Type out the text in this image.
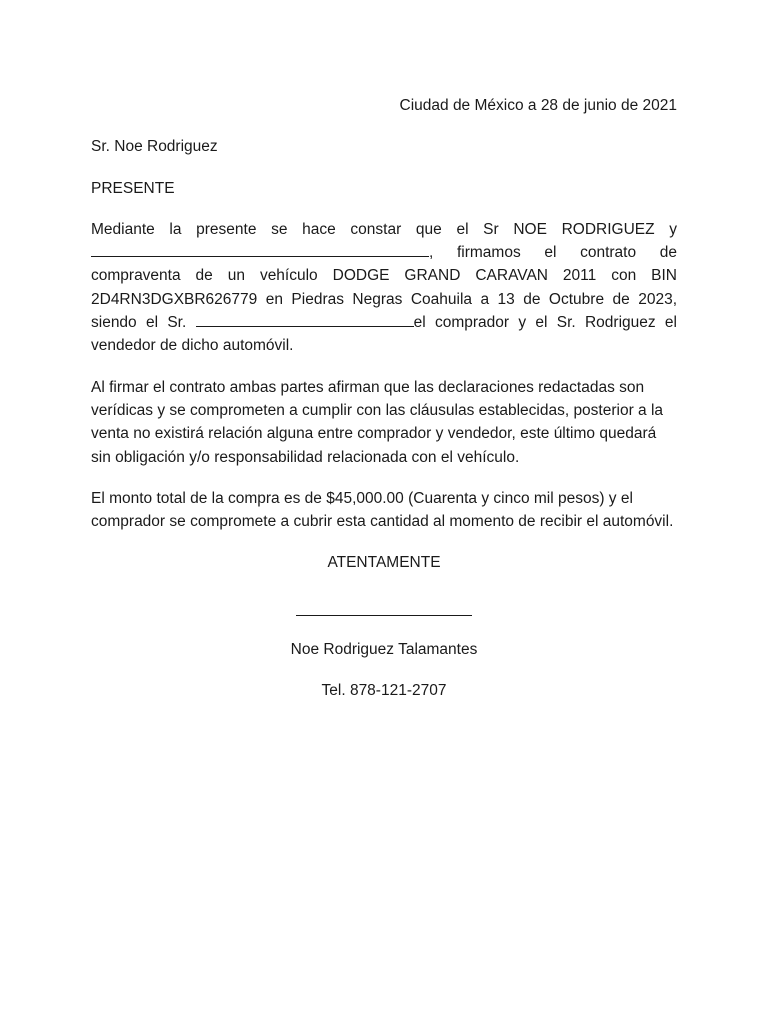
Ciudad de México a 28 de junio de 2021

Sr. Noe Rodriguez

PRESENTE

Mediante la presente se hace constar que el Sr NOE RODRIGUEZ y , firmamos el contrato de compraventa de un vehículo DODGE GRAND CARAVAN 2011 con BIN 2D4RN3DGXBR626779 en Piedras Negras Coahuila a 13 de Octubre de 2023, siendo el Sr.	el comprador y el Sr. Rodriguez el vendedor de dicho automóvil.

Al firmar el contrato ambas partes afirman que las declaraciones redactadas son verídicas y se comprometen a cumplir con las cláusulas establecidas, posterior a la venta no existirá relación alguna entre comprador y vendedor, este último quedará sin obligación y/o responsabilidad relacionada con el vehículo.

El monto total de la compra es de $45,000.00 (Cuarenta y cinco mil pesos) y el comprador se compromete a cubrir esta cantidad al momento de recibir el automóvil.

ATENTAMENTE

Noe Rodriguez Talamantes

Tel. 878-121-2707
